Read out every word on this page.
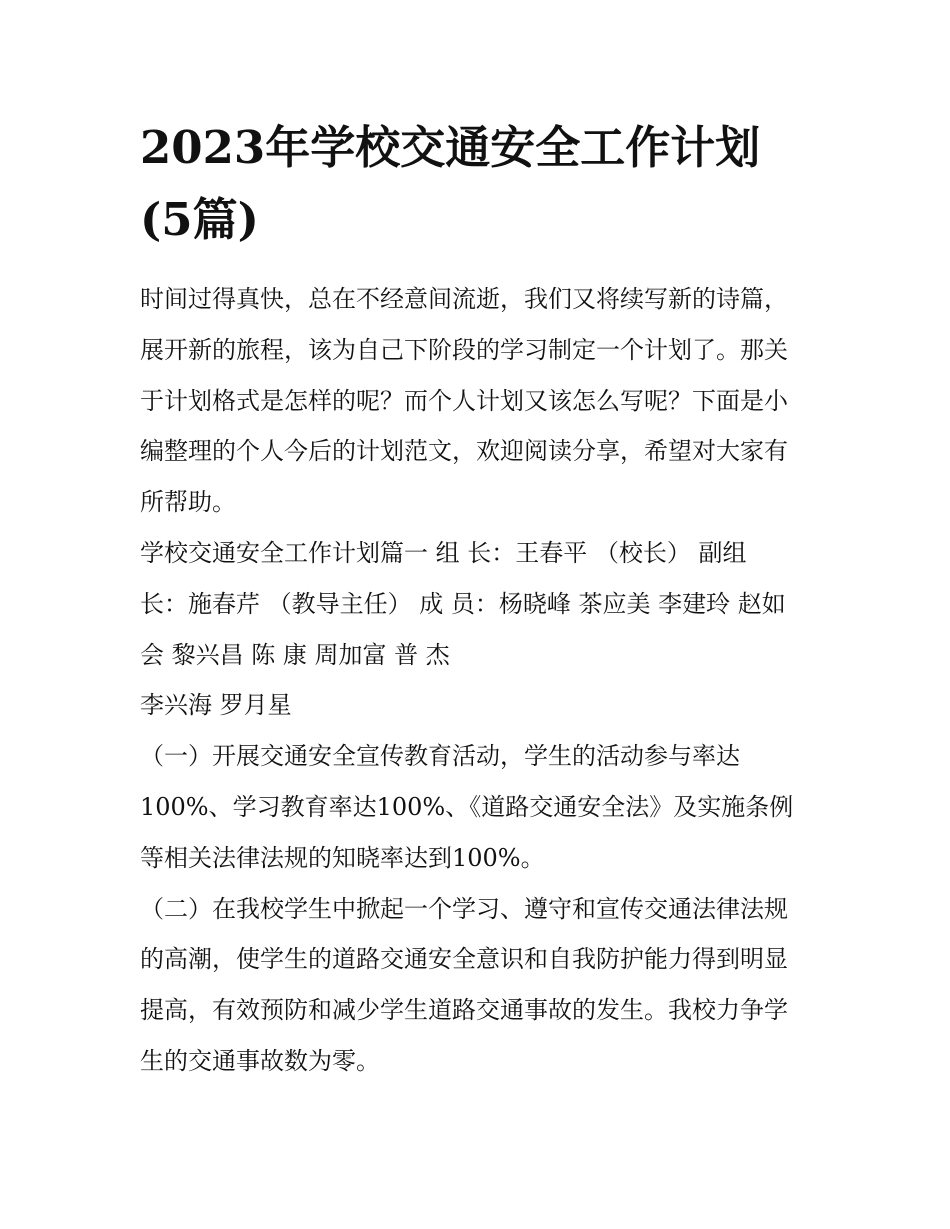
2023年学校交通安全工作计划
(5篇)

时间过得真快，总在不经意间流逝，我们又将续写新的诗篇，
展开新的旅程，该为自己下阶段的学习制定一个计划了。那关
于计划格式是怎样的呢？而个人计划又该怎么写呢？下面是小
编整理的个人今后的计划范文，欢迎阅读分享，希望对大家有
所帮助。

学校交通安全工作计划篇一 组 长：王春平 （校长） 副组
长：施春芹 （教导主任） 成 员：杨晓峰 茶应美 李建玲 赵如
会 黎兴昌 陈 康 周加富 普 杰

李兴海 罗月星

（一）开展交通安全宣传教育活动，学生的活动参与率达
100%、学习教育率达100%、《道路交通安全法》及实施条例
等相关法律法规的知晓率达到100%。

（二）在我校学生中掀起一个学习、遵守和宣传交通法律法规
的高潮，使学生的道路交通安全意识和自我防护能力得到明显
提高，有效预防和减少学生道路交通事故的发生。我校力争学
生的交通事故数为零。
